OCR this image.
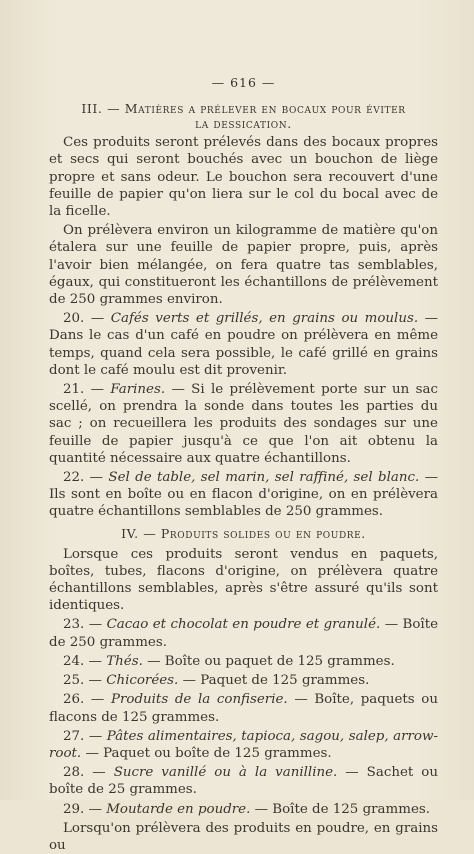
— 616 —
III. — Matières a prélever en bocaux pour éviter
la dessication.

Ces produits seront prélevés dans des bocaux propres et secs qui seront bouchés avec un bouchon de liège propre et sans odeur. Le bouchon sera recouvert d'une feuille de papier qu'on liera sur le col du bocal avec de la ficelle.

On prélèvera environ un kilogramme de matière qu'on étalera sur une feuille de papier propre, puis, après l'avoir bien mélangée, on fera quatre tas semblables, égaux, qui constitueront les échantillons de prélèvement de 250 grammes environ.

20. — Cafés verts et grillés, en grains ou moulus. — Dans le cas d'un café en poudre on prélèvera en même temps, quand cela sera possible, le café grillé en grains dont le café moulu est dit provenir.

21. — Farines. — Si le prélèvement porte sur un sac scellé, on prendra la sonde dans toutes les parties du sac ; on recueillera les produits des sondages sur une feuille de papier jusqu'à ce que l'on ait obtenu la quantité nécessaire aux quatre échantillons.

22. — Sel de table, sel marin, sel raffiné, sel blanc. — Ils sont en boîte ou en flacon d'origine, on en prélèvera quatre échantillons semblables de 250 grammes.

IV. — Produits solides ou en poudre.

Lorsque ces produits seront vendus en paquets, boîtes, tubes, flacons d'origine, on prélèvera quatre échantillons semblables, après s'être assuré qu'ils sont identiques.

23. — Cacao et chocolat en poudre et granulé. — Boîte de 250 grammes.

24. — Thés. — Boîte ou paquet de 125 grammes.

25. — Chicorées. — Paquet de 125 grammes.

26. — Produits de la confiserie. — Boîte, paquets ou flacons de 125 grammes.

27. — Pâtes alimentaires, tapioca, sagou, salep, arrow-root. — Paquet ou boîte de 125 grammes.

28. — Sucre vanillé ou à la vanilline. — Sachet ou boîte de 25 grammes.

29. — Moutarde en poudre. — Boîte de 125 grammes.

Lorsqu'on prélèvera des produits en poudre, en grains ou
